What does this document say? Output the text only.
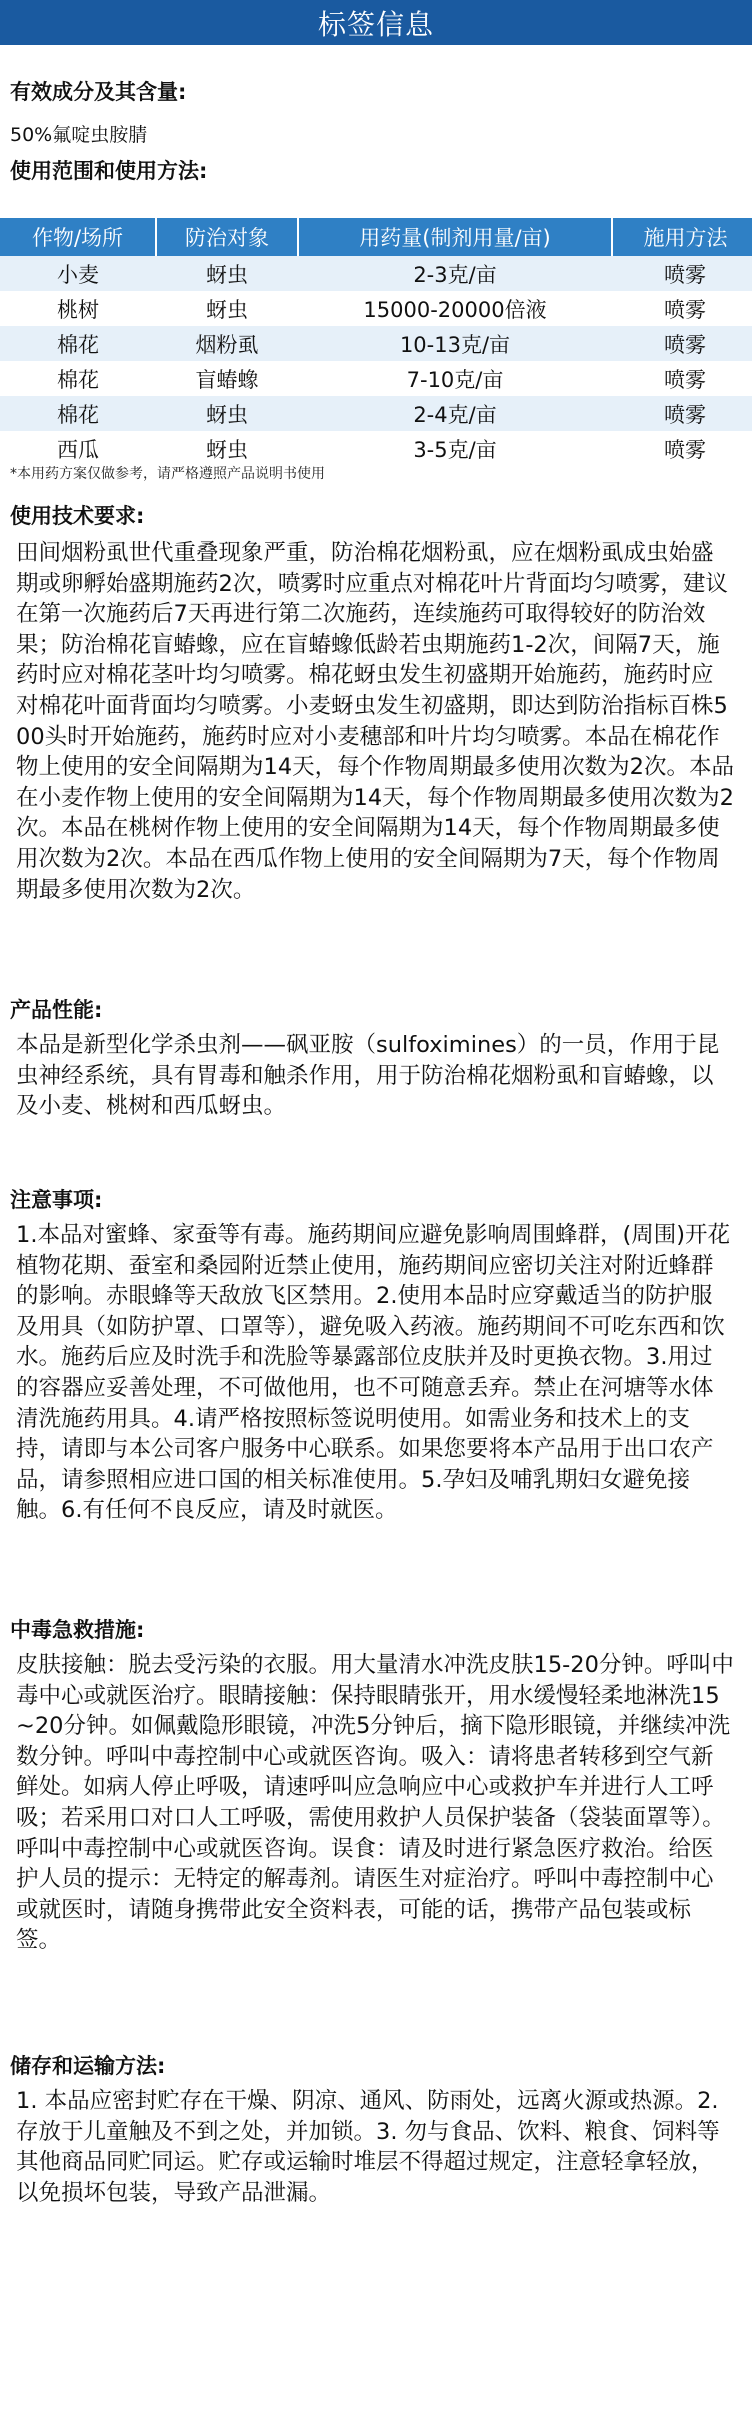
标签信息
有效成分及其含量:
50%氟啶虫胺腈
使用范围和使用方法:
作物/场所	防治对象	用药量(制剂用量/亩)	施用方法
小麦	蚜虫	2-3克/亩	喷雾
桃树	蚜虫	15000-20000倍液	喷雾
棉花	烟粉虱	10-13克/亩	喷雾
棉花	盲蝽蟓	7-10克/亩	喷雾
棉花	蚜虫	2-4克/亩	喷雾
西瓜	蚜虫	3-5克/亩	喷雾
*本用药方案仅做参考，请严格遵照产品说明书使用
使用技术要求:
田间烟粉虱世代重叠现象严重，防治棉花烟粉虱，应在烟粉虱成虫始盛期或卵孵始盛期施药2次，喷雾时应重点对棉花叶片背面均匀喷雾，建议在第一次施药后7天再进行第二次施药，连续施药可取得较好的防治效果；防治棉花盲蝽蟓，应在盲蝽蟓低龄若虫期施药1-2次，间隔7天，施药时应对棉花茎叶均匀喷雾。棉花蚜虫发生初盛期开始施药，施药时应对棉花叶面背面均匀喷雾。小麦蚜虫发生初盛期，即达到防治指标百株500头时开始施药，施药时应对小麦穗部和叶片均匀喷雾。本品在棉花作物上使用的安全间隔期为14天，每个作物周期最多使用次数为2次。本品在小麦作物上使用的安全间隔期为14天，每个作物周期最多使用次数为2次。本品在桃树作物上使用的安全间隔期为14天，每个作物周期最多使用次数为2次。本品在西瓜作物上使用的安全间隔期为7天，每个作物周期最多使用次数为2次。
产品性能:
本品是新型化学杀虫剂——砜亚胺（sulfoximines）的一员，作用于昆虫神经系统，具有胃毒和触杀作用，用于防治棉花烟粉虱和盲蝽蟓，以及小麦、桃树和西瓜蚜虫。
注意事项:
1.本品对蜜蜂、家蚕等有毒。施药期间应避免影响周围蜂群，(周围)开花植物花期、蚕室和桑园附近禁止使用，施药期间应密切关注对附近蜂群的影响。赤眼蜂等天敌放飞区禁用。2.使用本品时应穿戴适当的防护服及用具（如防护罩、口罩等），避免吸入药液。施药期间不可吃东西和饮水。施药后应及时洗手和洗脸等暴露部位皮肤并及时更换衣物。3.用过的容器应妥善处理，不可做他用，也不可随意丢弃。禁止在河塘等水体清洗施药用具。4.请严格按照标签说明使用。如需业务和技术上的支持，请即与本公司客户服务中心联系。如果您要将本产品用于出口农产品，请参照相应进口国的相关标准使用。5.孕妇及哺乳期妇女避免接触。6.有任何不良反应，请及时就医。
中毒急救措施:
皮肤接触：脱去受污染的衣服。用大量清水冲洗皮肤15-20分钟。呼叫中毒中心或就医治疗。眼睛接触：保持眼睛张开，用水缓慢轻柔地淋洗15~20分钟。如佩戴隐形眼镜，冲洗5分钟后，摘下隐形眼镜，并继续冲洗数分钟。呼叫中毒控制中心或就医咨询。吸入：请将患者转移到空气新鲜处。如病人停止呼吸，请速呼叫应急响应中心或救护车并进行人工呼吸；若采用口对口人工呼吸，需使用救护人员保护装备（袋装面罩等）。呼叫中毒控制中心或就医咨询。误食：请及时进行紧急医疗救治。给医护人员的提示：无特定的解毒剂。请医生对症治疗。呼叫中毒控制中心或就医时，请随身携带此安全资料表，可能的话，携带产品包装或标签。
储存和运输方法:
1. 本品应密封贮存在干燥、阴凉、通风、防雨处，远离火源或热源。2. 存放于儿童触及不到之处，并加锁。3. 勿与食品、饮料、粮食、饲料等其他商品同贮同运。贮存或运输时堆层不得超过规定，注意轻拿轻放，以免损坏包装，导致产品泄漏。
